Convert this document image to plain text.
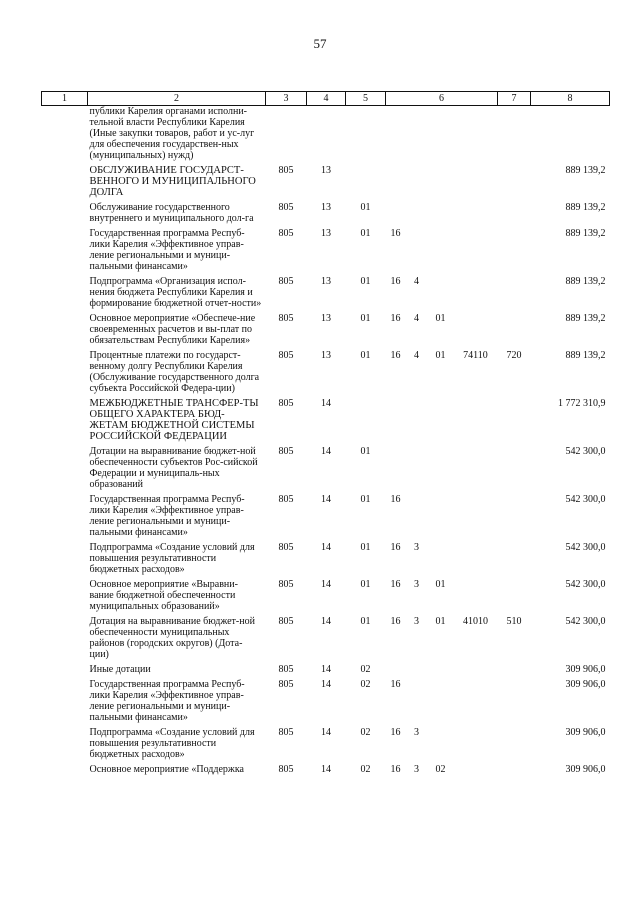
57
1	2	3	4	5	6	7	8
	публики Карелия органами исполни-тельной власти Республики Карелия (Иные закупки товаров, работ и ус-луг для обеспечения государствен-ных (муниципальных) нужд)				

	ОБСЛУЖИВАНИЕ ГОСУДАРСТ-ВЕННОГО И МУНИЦИПАЛЬНОГО ДОЛГА	805	13				889 139,2
	Обслуживание государственного внутреннего и муниципального дол-га	805	13	01			889 139,2
	Государственная программа Респуб-лики Карелия «Эффективное управ-ление региональными и муници-пальными финансами»	805	13	01	16		889 139,2
	Подпрограмма «Организация испол-нения бюджета Республики Карелия и формирование бюджетной отчет-ности»	805	13	01	16 4		889 139,2
	Основное мероприятие «Обеспече-ние своевременных расчетов и вы-плат по обязательствам Республики Карелия»	805	13	01	16 4 01		889 139,2
	Процентные платежи по государст-венному долгу Республики Карелия (Обслуживание государственного долга субъекта Российской Федера-ции)	805	13	01	16 4 01 74110	720	889 139,2
	МЕЖБЮДЖЕТНЫЕ ТРАНСФЕР-ТЫ ОБЩЕГО ХАРАКТЕРА БЮД-ЖЕТАМ БЮДЖЕТНОЙ СИСТЕМЫ РОССИЙСКОЙ ФЕДЕРАЦИИ	805	14				1 772 310,9
	Дотации на выравнивание бюджет-ной обеспеченности субъектов Рос-сийской Федерации и муниципаль-ных образований	805	14	01			542 300,0
	Государственная программа Респуб-лики Карелия «Эффективное управ-ление региональными и муници-пальными финансами»	805	14	01	16		542 300,0
	Подпрограмма «Создание условий для повышения результативности бюджетных расходов»	805	14	01	16 3		542 300,0
	Основное мероприятие «Выравни-вание бюджетной обеспеченности муниципальных образований»	805	14	01	16 3 01		542 300,0
	Дотация на выравнивание бюджет-ной обеспеченности муниципальных районов (городских округов) (Дота-ции)	805	14	01	16 3 01 41010	510	542 300,0
	Иные дотации	805	14	02			309 906,0
	Государственная программа Респуб-лики Карелия «Эффективное управ-ление региональными и муници-пальными финансами»	805	14	02	16		309 906,0
	Подпрограмма «Создание условий для повышения результативности бюджетных расходов»	805	14	02	16 3		309 906,0
	Основное мероприятие «Поддержка	805	14	02	16 3 02		309 906,0
